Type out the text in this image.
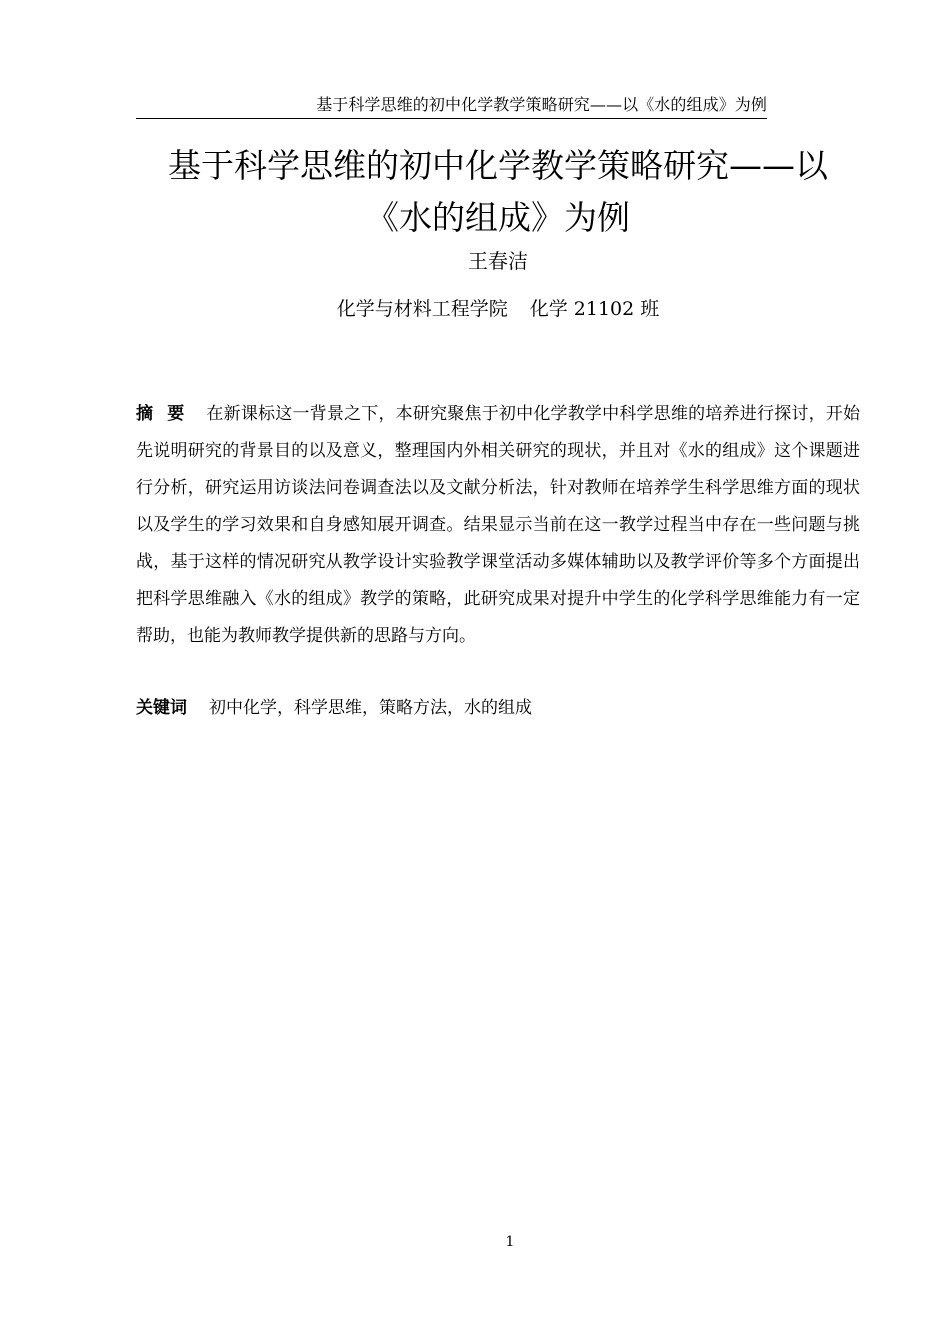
基于科学思维的初中化学教学策略研究——以《水的组成》为例
基于科学思维的初中化学教学策略研究——以
《水的组成》为例
王春洁
化学与材料工程学院 化学 21102 班

摘要 在新课标这一背景之下，本研究聚焦于初中化学教学中科学思维的培养进行探讨，开始先说明研究的背景目的以及意义，整理国内外相关研究的现状，并且对《水的组成》这个课题进行分析，研究运用访谈法问卷调查法以及文献分析法，针对教师在培养学生科学思维方面的现状以及学生的学习效果和自身感知展开调查。结果显示当前在这一教学过程当中存在一些问题与挑战，基于这样的情况研究从教学设计实验教学课堂活动多媒体辅助以及教学评价等多个方面提出把科学思维融入《水的组成》教学的策略，此研究成果对提升中学生的化学科学思维能力有一定帮助，也能为教师教学提供新的思路与方向。

关键词 初中化学，科学思维，策略方法，水的组成

1
